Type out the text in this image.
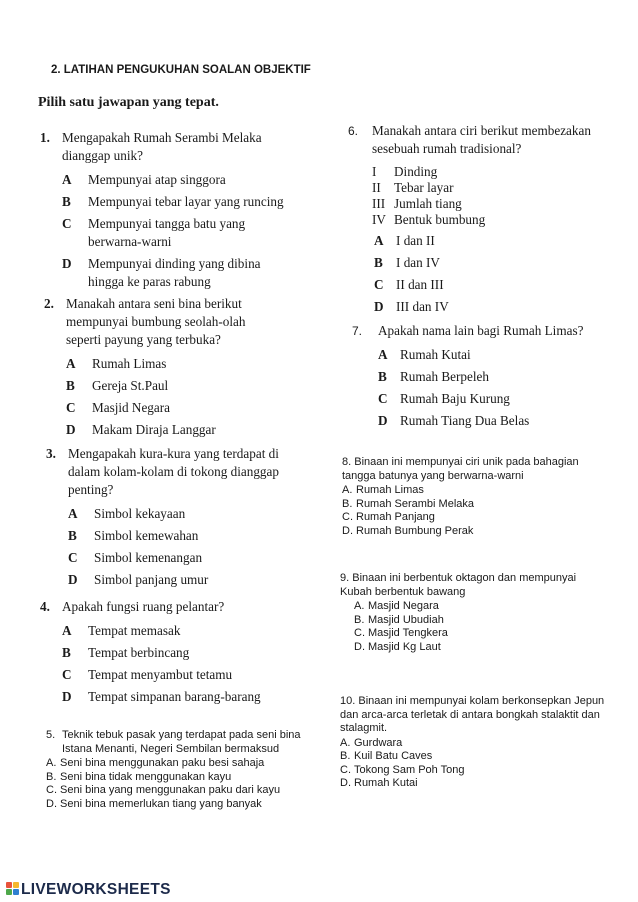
2. LATIHAN PENGUKUHAN SOALAN OBJEKTIF
Pilih satu jawapan yang tepat.
1. Mengapakah Rumah Serambi Melaka dianggap unik?
A Mempunyai atap singgora
B Mempunyai tebar layar yang runcing
C Mempunyai tangga batu yang berwarna-warni
D Mempunyai dinding yang dibina hingga ke paras rabung
2. Manakah antara seni bina berikut mempunyai bumbung seolah-olah seperti payung yang terbuka?
A Rumah Limas
B Gereja St.Paul
C Masjid Negara
D Makam Diraja Langgar
3. Mengapakah kura-kura yang terdapat di dalam kolam-kolam di tokong dianggap penting?
A Simbol kekayaan
B Simbol kemewahan
C Simbol kemenangan
D Simbol panjang umur
4. Apakah fungsi ruang pelantar?
A Tempat memasak
B Tempat berbincang
C Tempat menyambut tetamu
D Tempat simpanan barang-barang
5. Teknik tebuk pasak yang terdapat pada seni bina Istana Menanti, Negeri Sembilan bermaksud
A. Seni bina menggunakan paku besi sahaja
B. Seni bina tidak menggunakan kayu
C. Seni bina yang menggunakan paku dari kayu
D. Seni bina memerlukan tiang yang banyak
6. Manakah antara ciri berikut membezakan sesebuah rumah tradisional?
I Dinding
II Tebar layar
III Jumlah tiang
IV Bentuk bumbung
A I dan II
B I dan IV
C II dan III
D III dan IV
7. Apakah nama lain bagi Rumah Limas?
A Rumah Kutai
B Rumah Berpeleh
C Rumah Baju Kurung
D Rumah Tiang Dua Belas
8. Binaan ini mempunyai ciri unik pada bahagian tangga batunya yang berwarna-warni
A. Rumah Limas
B. Rumah Serambi Melaka
C. Rumah Panjang
D. Rumah Bumbung Perak
9. Binaan ini berbentuk oktagon dan mempunyai Kubah berbentuk bawang
A. Masjid Negara
B. Masjid Ubudiah
C. Masjid Tengkera
D. Masjid Kg Laut
10. Binaan ini mempunyai kolam berkonsepkan Jepun dan arca-arca terletak di antara bongkah stalaktit dan stalagmit.
A. Gurdwara
B. Kuil Batu Caves
C. Tokong Sam Poh Tong
D. Rumah Kutai
LIVEWORKSHEETS
